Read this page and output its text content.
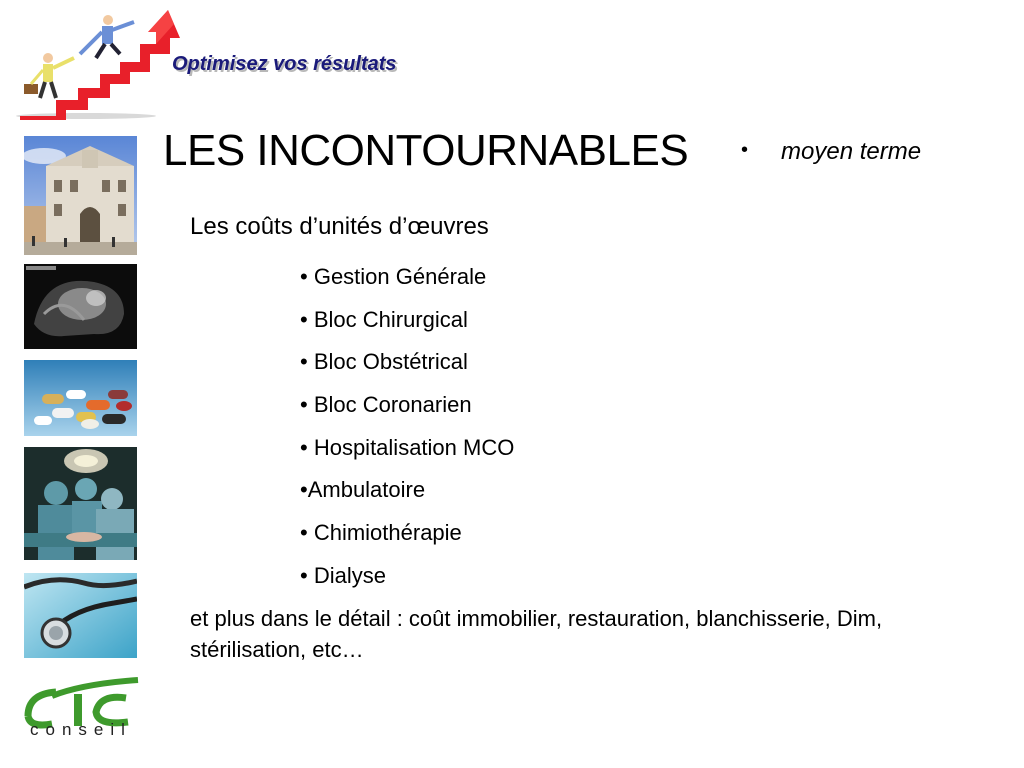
Optimisez vos résultats
conseil
LES INCONTOURNABLES	• moyen terme
Les coûts d’unités d’œuvres
• Gestion Générale
• Bloc Chirurgical
• Bloc Obstétrical
• Bloc Coronarien
• Hospitalisation MCO
•Ambulatoire
• Chimiothérapie
• Dialyse
et plus dans le détail : coût immobilier, restauration, blanchisserie, Dim, stérilisation, etc…
